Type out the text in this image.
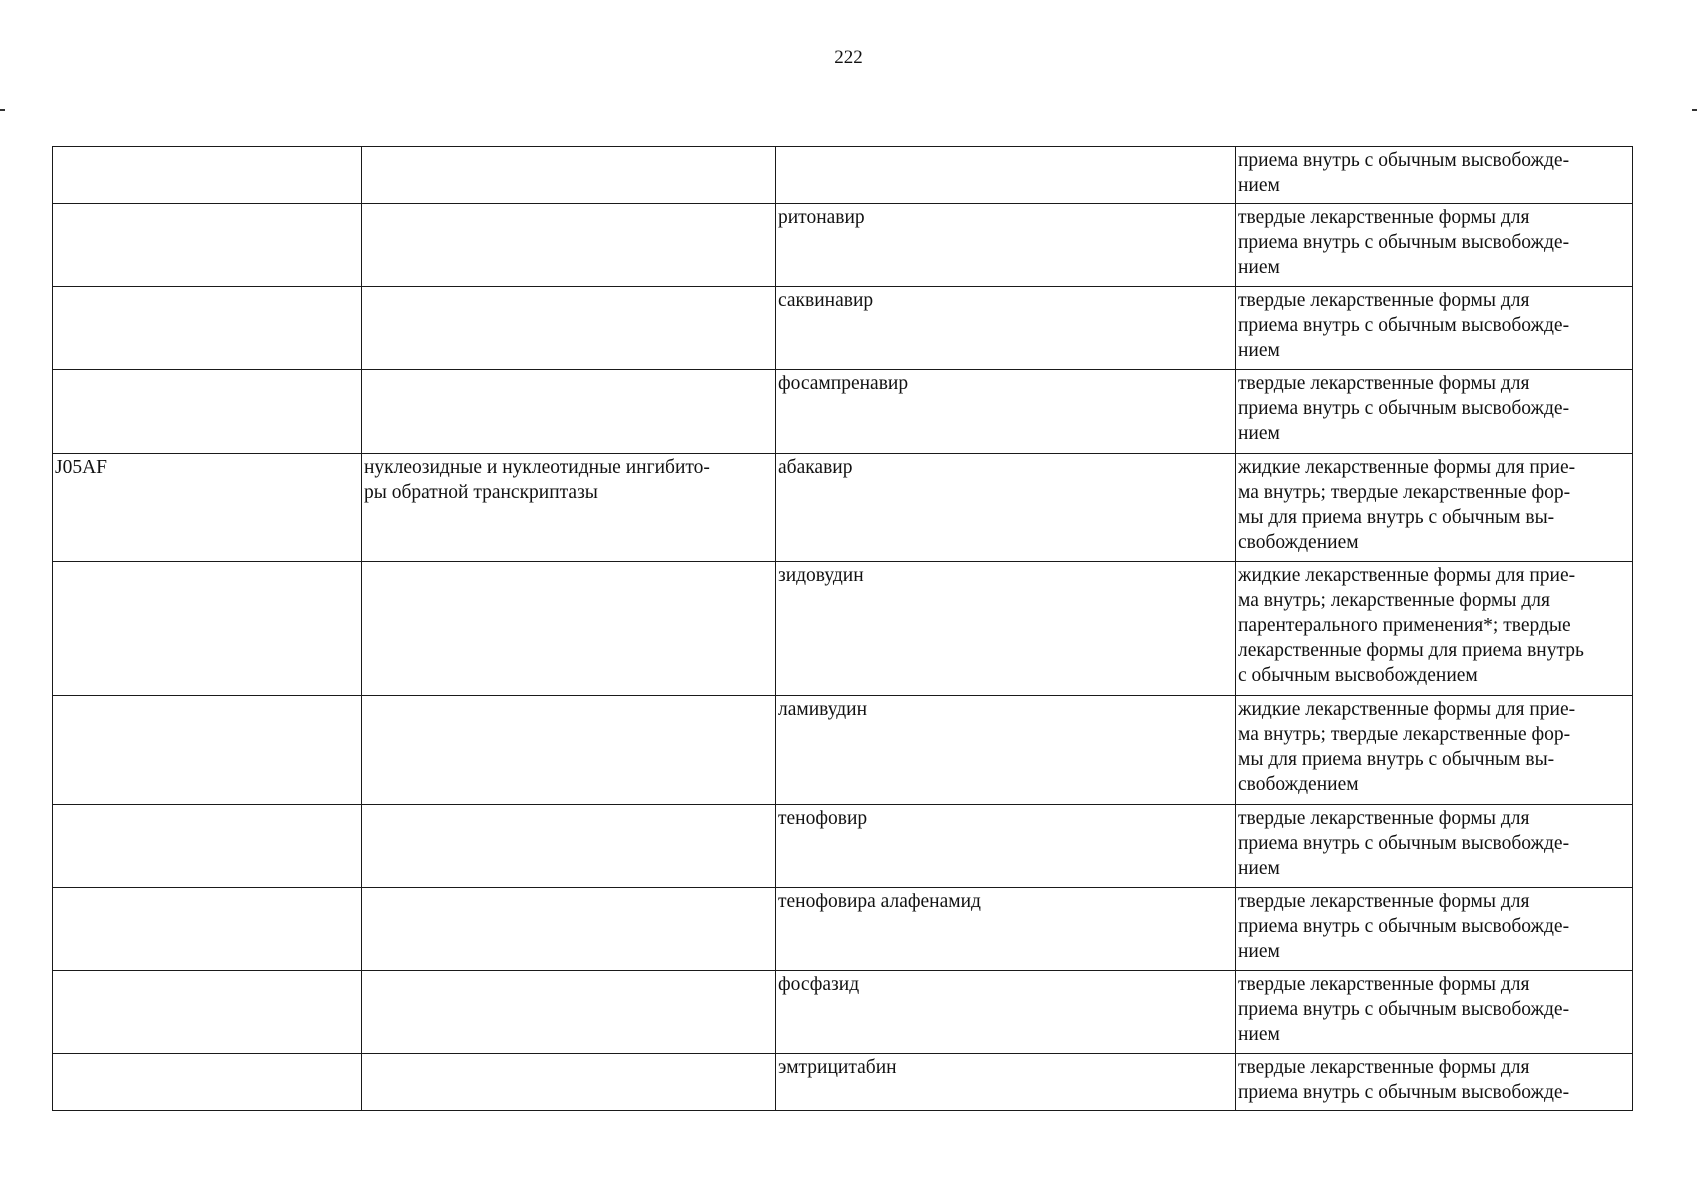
222

			приема внутрь с обычным высвобожде-
нием

		ритонавир	твердые лекарственные формы для
приема внутрь с обычным высвобожде-
нием

		саквинавир	твердые лекарственные формы для
приема внутрь с обычным высвобожде-
нием

		фосампренавир	твердые лекарственные формы для
приема внутрь с обычным высвобожде-
нием

J05AF	нуклеозидные и нуклеотидные ингибито-
ры обратной транскриптазы	абакавир	жидкие лекарственные формы для прие-
ма внутрь; твердые лекарственные фор-
мы для приема внутрь с обычным вы-
свобождением

		зидовудин	жидкие лекарственные формы для прие-
ма внутрь; лекарственные формы для
парентерального применения*; твердые
лекарственные формы для приема внутрь
с обычным высвобождением

		ламивудин	жидкие лекарственные формы для прие-
ма внутрь; твердые лекарственные фор-
мы для приема внутрь с обычным вы-
свобождением

		тенофовир	твердые лекарственные формы для
приема внутрь с обычным высвобожде-
нием

		тенофовира алафенамид	твердые лекарственные формы для
приема внутрь с обычным высвобожде-
нием

		фосфазид	твердые лекарственные формы для
приема внутрь с обычным высвобожде-
нием

		эмтрицитабин	твердые лекарственные формы для
приема внутрь с обычным высвобожде-
